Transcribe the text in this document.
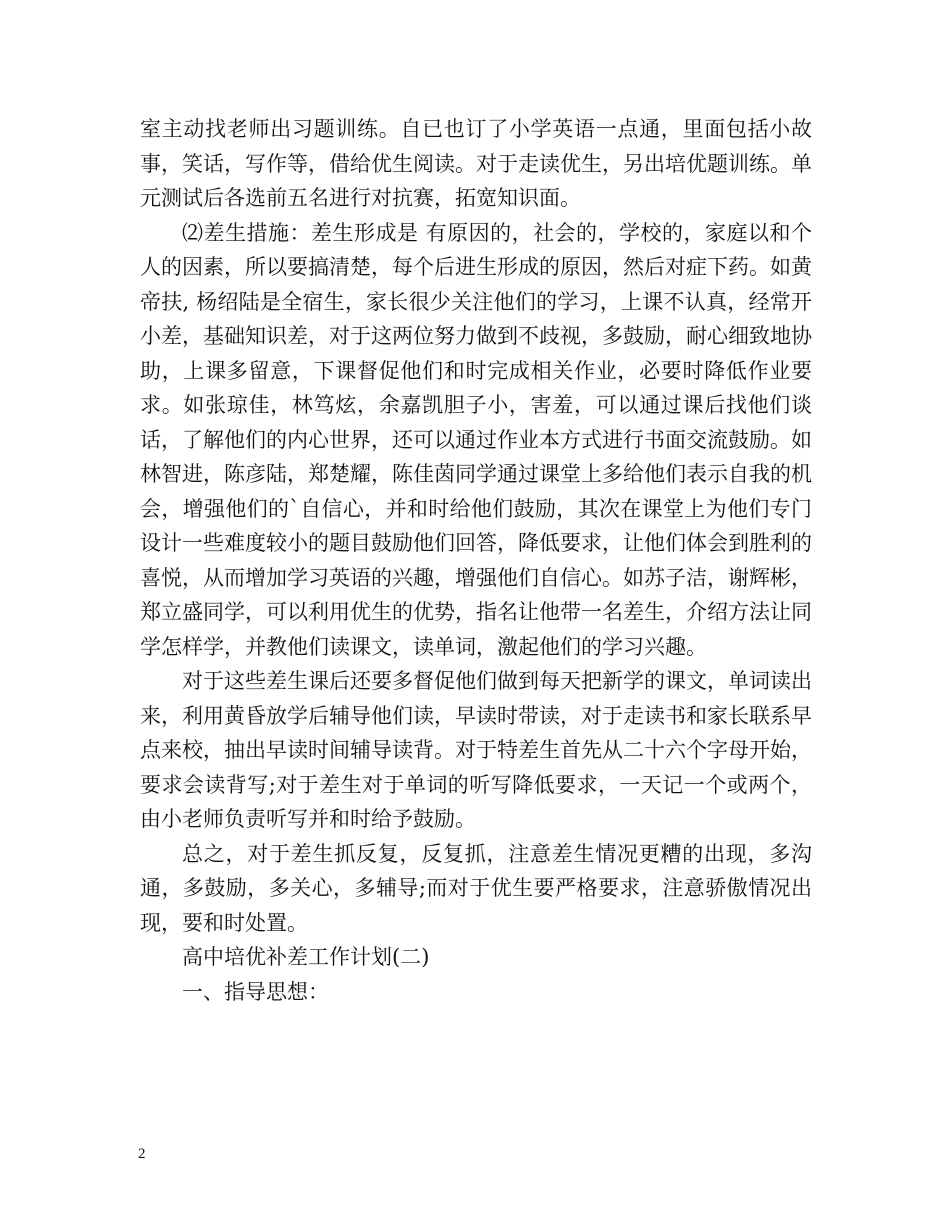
室主动找老师出习题训练。自已也订了小学英语一点通，里面包括小故事，笑话，写作等，借给优生阅读。对于走读优生，另出培优题训练。单元测试后各选前五名进行对抗赛，拓宽知识面。

⑵差生措施：差生形成是 有原因的，社会的，学校的，家庭以和个人的因素，所以要搞清楚，每个后进生形成的原因，然后对症下药。如黄帝扶, 杨绍陆是全宿生，家长很少关注他们的学习，上课不认真，经常开小差，基础知识差，对于这两位努力做到不歧视，多鼓励，耐心细致地协助，上课多留意，下课督促他们和时完成相关作业，必要时降低作业要求。如张琼佳，林笃炫，余嘉凯胆子小，害羞，可以通过课后找他们谈话，了解他们的内心世界，还可以通过作业本方式进行书面交流鼓励。如林智进，陈彦陆，郑楚耀，陈佳茵同学通过课堂上多给他们表示自我的机会，增强他们的`自信心，并和时给他们鼓励，其次在课堂上为他们专门设计一些难度较小的题目鼓励他们回答，降低要求，让他们体会到胜利的喜悦，从而增加学习英语的兴趣，增强他们自信心。如苏子洁，谢辉彬，郑立盛同学，可以利用优生的优势，指名让他带一名差生，介绍方法让同学怎样学，并教他们读课文，读单词，激起他们的学习兴趣。

对于这些差生课后还要多督促他们做到每天把新学的课文，单词读出来，利用黄昏放学后辅导他们读，早读时带读，对于走读书和家长联系早点来校，抽出早读时间辅导读背。对于特差生首先从二十六个字母开始，要求会读背写;对于差生对于单词的听写降低要求，一天记一个或两个，由小老师负责听写并和时给予鼓励。

总之，对于差生抓反复，反复抓，注意差生情况更糟的出现，多沟通，多鼓励，多关心，多辅导;而对于优生要严格要求，注意骄傲情况出现，要和时处置。

高中培优补差工作计划(二)

一、指导思想：

2
